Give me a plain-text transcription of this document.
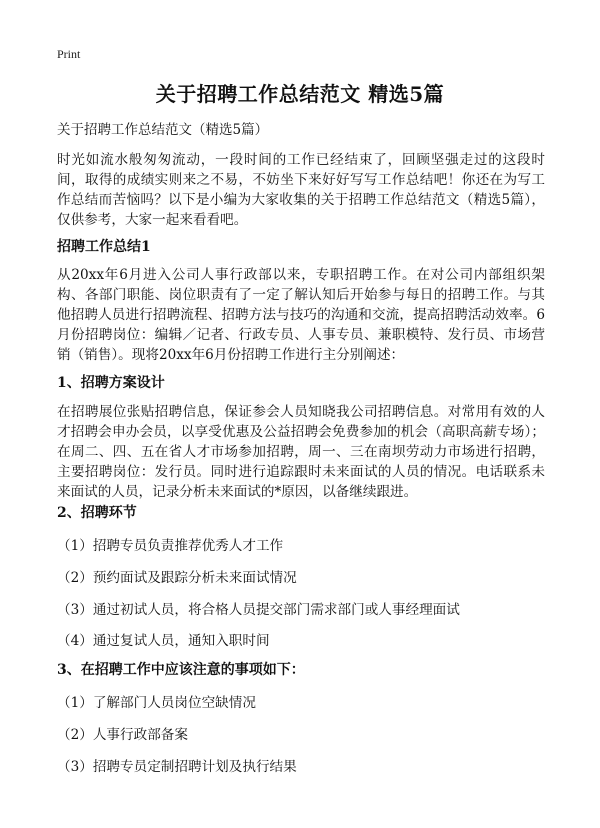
Print
关于招聘工作总结范文 精选5篇
关于招聘工作总结范文（精选5篇）

时光如流水般匆匆流动，一段时间的工作已经结束了，回顾坚强走过的这段时间，取得的成绩实则来之不易，不妨坐下来好好写写工作总结吧！你还在为写工作总结而苦恼吗？以下是小编为大家收集的关于招聘工作总结范文（精选5篇），仅供参考，大家一起来看看吧。

招聘工作总结1

从20xx年6月进入公司人事行政部以来，专职招聘工作。在对公司内部组织架构、各部门职能、岗位职责有了一定了解认知后开始参与每日的招聘工作。与其他招聘人员进行招聘流程、招聘方法与技巧的沟通和交流，提高招聘活动效率。6月份招聘岗位：编辑／记者、行政专员、人事专员、兼职模特、发行员、市场营销（销售）。现将20xx年6月份招聘工作进行主分别阐述：

1、招聘方案设计

在招聘展位张贴招聘信息，保证参会人员知晓我公司招聘信息。对常用有效的人才招聘会申办会员，以享受优惠及公益招聘会免费参加的机会（高职高薪专场）；在周二、四、五在省人才市场参加招聘，周一、三在南坝劳动力市场进行招聘，主要招聘岗位：发行员。同时进行追踪跟时未来面试的人员的情况。电话联系未来面试的人员，记录分析未来面试的*原因，以备继续跟进。

2、招聘环节
（1）招聘专员负责推荐优秀人才工作
（2）预约面试及跟踪分析未来面试情况
（3）通过初试人员，将合格人员提交部门需求部门或人事经理面试
（4）通过复试人员，通知入职时间
3、在招聘工作中应该注意的事项如下：
（1）了解部门人员岗位空缺情况
（2）人事行政部备案
（3）招聘专员定制招聘计划及执行结果
